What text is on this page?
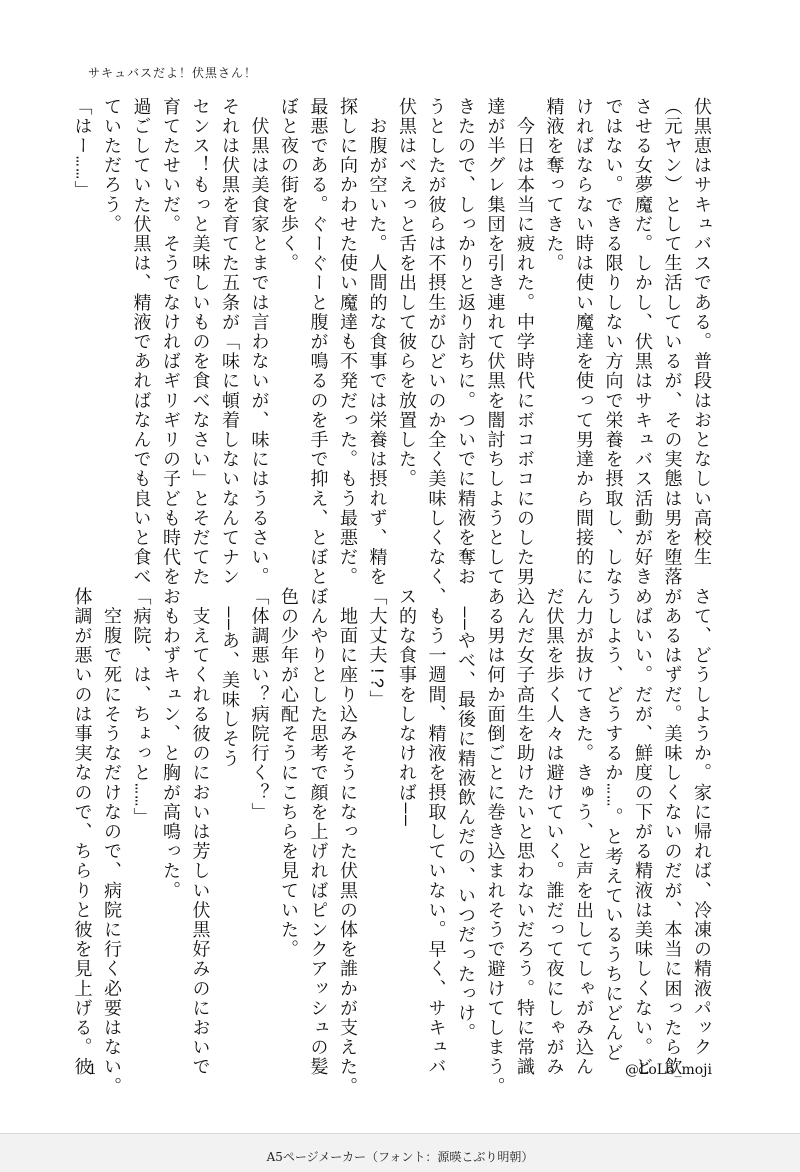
サキュバスだよ！伏黒さん！
伏黒恵はサキュバスである。普段はおとなしい高校生
（元ヤン）として生活しているが、その実態は男を堕落
させる女夢魔だ。しかし、伏黒はサキュバス活動が好き
ではない。できる限りしない方向で栄養を摂取し、しな
ければならない時は使い魔達を使って男達から間接的に
精液を奪ってきた。
　今日は本当に疲れた。中学時代にボコボコにのした男
達が半グレ集団を引き連れて伏黒を闇討ちしようとして
きたので、しっかりと返り討ちに。ついでに精液を奪お
うとしたが彼らは不摂生がひどいのか全く美味しくなく、
伏黒はべえっと舌を出して彼らを放置した。
　お腹が空いた。人間的な食事では栄養は摂れず、精を
探しに向かわせた使い魔達も不発だった。もう最悪だ。
最悪である。ぐーぐーと腹が鳴るのを手で抑え、とぼと
ぼと夜の街を歩く。
　伏黒は美食家とまでは言わないが、味にはうるさい。
それは伏黒を育てた五条が「味に頓着しないなんてナン
センス！もっと美味しいものを食べなさい」とそだてた
育てたせいだ。そうでなければギリギリの子ども時代を
過ごしていた伏黒は、精液であればなんでも良いと食べ
ていただろう。
「はー……」
さて、どうしようか。家に帰れば、冷凍の精液パック
があるはずだ。美味しくないのだが、本当に困ったら飲
めばいい。だが、鮮度の下がる精液は美味しくない。ど
うしよう、どうするか……。と考えているうちにどんど
ん力が抜けてきた。きゅう、と声を出してしゃがみ込ん
だ伏黒を歩く人々は避けていく。誰だって夜にしゃがみ
込んだ女子高生を助けたいと思わないだろう。特に常識
ある男は何か面倒ごとに巻き込まれそうで避けてしまう。
　――やべ、最後に精液飲んだの、いつだったっけ。
　もう一週間、精液を摂取していない。早く、サキュバ
ス的な食事をしなければ――
「大丈夫!?」
　地面に座り込みそうになった伏黒の体を誰かが支えた。
ぼんやりとした思考で顔を上げればピンクアッシュの髪
色の少年が心配そうにこちらを見ていた。
「体調悪い？病院行く？」
　――あ、美味しそう
　支えてくれる彼のにおいは芳しい伏黒好みのにおいで
おもわずキュン、と胸が高鳴った。
「病院、は、ちょっと……」
　空腹で死にそうなだけなので、病院に行く必要はない。
体調が悪いのは事実なので、ちらりと彼を見上げる。彼
1	@LoLo_moji
A5ページメーカー（フォント：源暎こぶり明朝）
